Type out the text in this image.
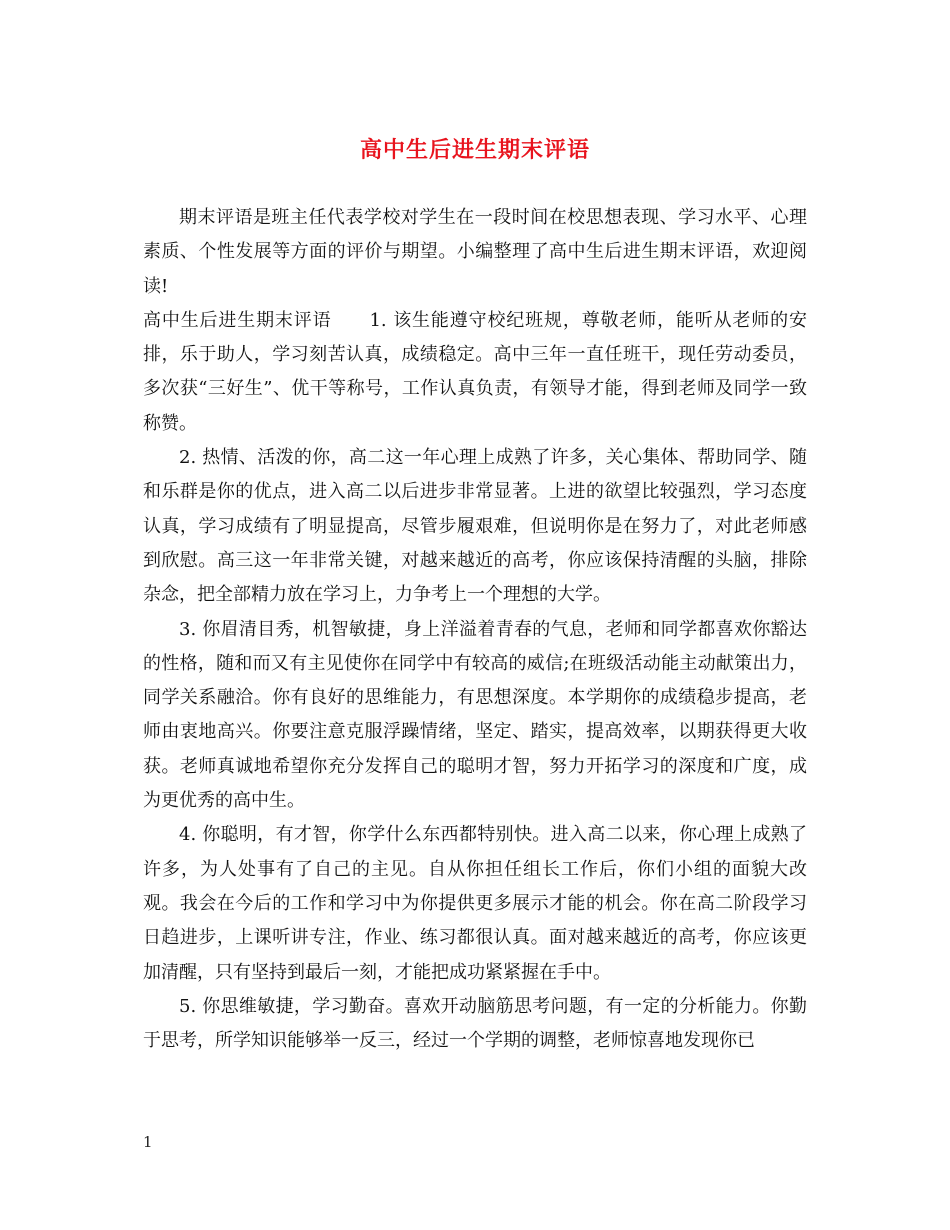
高中生后进生期末评语

期末评语是班主任代表学校对学生在一段时间在校思想表现、学习水平、心理素质、个性发展等方面的评价与期望。小编整理了高中生后进生期末评语，欢迎阅读!

高中生后进生期末评语 1. 该生能遵守校纪班规，尊敬老师，能听从老师的安排，乐于助人，学习刻苦认真，成绩稳定。高中三年一直任班干，现任劳动委员，多次获“三好生”、优干等称号，工作认真负责，有领导才能，得到老师及同学一致称赞。

2. 热情、活泼的你，高二这一年心理上成熟了许多，关心集体、帮助同学、随和乐群是你的优点，进入高二以后进步非常显著。上进的欲望比较强烈，学习态度认真，学习成绩有了明显提高，尽管步履艰难，但说明你是在努力了，对此老师感到欣慰。高三这一年非常关键，对越来越近的高考，你应该保持清醒的头脑，排除杂念，把全部精力放在学习上，力争考上一个理想的大学。

3. 你眉清目秀，机智敏捷，身上洋溢着青春的气息，老师和同学都喜欢你豁达的性格，随和而又有主见使你在同学中有较高的威信;在班级活动能主动献策出力，同学关系融洽。你有良好的思维能力，有思想深度。本学期你的成绩稳步提高，老师由衷地高兴。你要注意克服浮躁情绪，坚定、踏实，提高效率，以期获得更大收获。老师真诚地希望你充分发挥自己的聪明才智，努力开拓学习的深度和广度，成为更优秀的高中生。

4. 你聪明，有才智，你学什么东西都特别快。进入高二以来，你心理上成熟了许多，为人处事有了自己的主见。自从你担任组长工作后，你们小组的面貌大改观。我会在今后的工作和学习中为你提供更多展示才能的机会。你在高二阶段学习日趋进步，上课听讲专注，作业、练习都很认真。面对越来越近的高考，你应该更加清醒，只有坚持到最后一刻，才能把成功紧紧握在手中。

5. 你思维敏捷，学习勤奋。喜欢开动脑筋思考问题，有一定的分析能力。你勤于思考，所学知识能够举一反三，经过一个学期的调整，老师惊喜地发现你已

1
